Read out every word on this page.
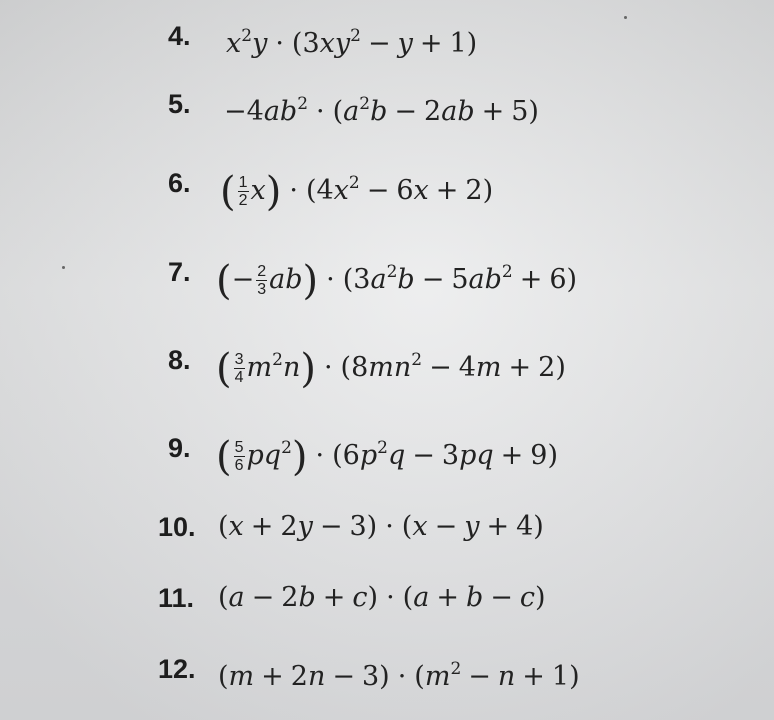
4. $x^2y \cdot (3xy^2 - y + 1)$
5. $-4ab^2 \cdot (a^2b - 2ab + 5)$
6. ( $\frac{1}{2} x) \cdot (4x^2 - 6x + 2)$
7. (− $\frac{2}{3} ab) \cdot (3a^2b - 5ab^2 + 6)$
8. ( $\frac{3}{4} m^2n) \cdot (8mn^2 - 4m + 2)$
9. ( $\frac{5}{6} pq^2) \cdot (6p^2q - 3pq + 9)$
10. (x + 2y − 3) · (x − y + 4)
11. (a − 2b + c) · (a + b − c)
12. $(m + 2n - 3) \cdot (m^2 - n + 1)$
